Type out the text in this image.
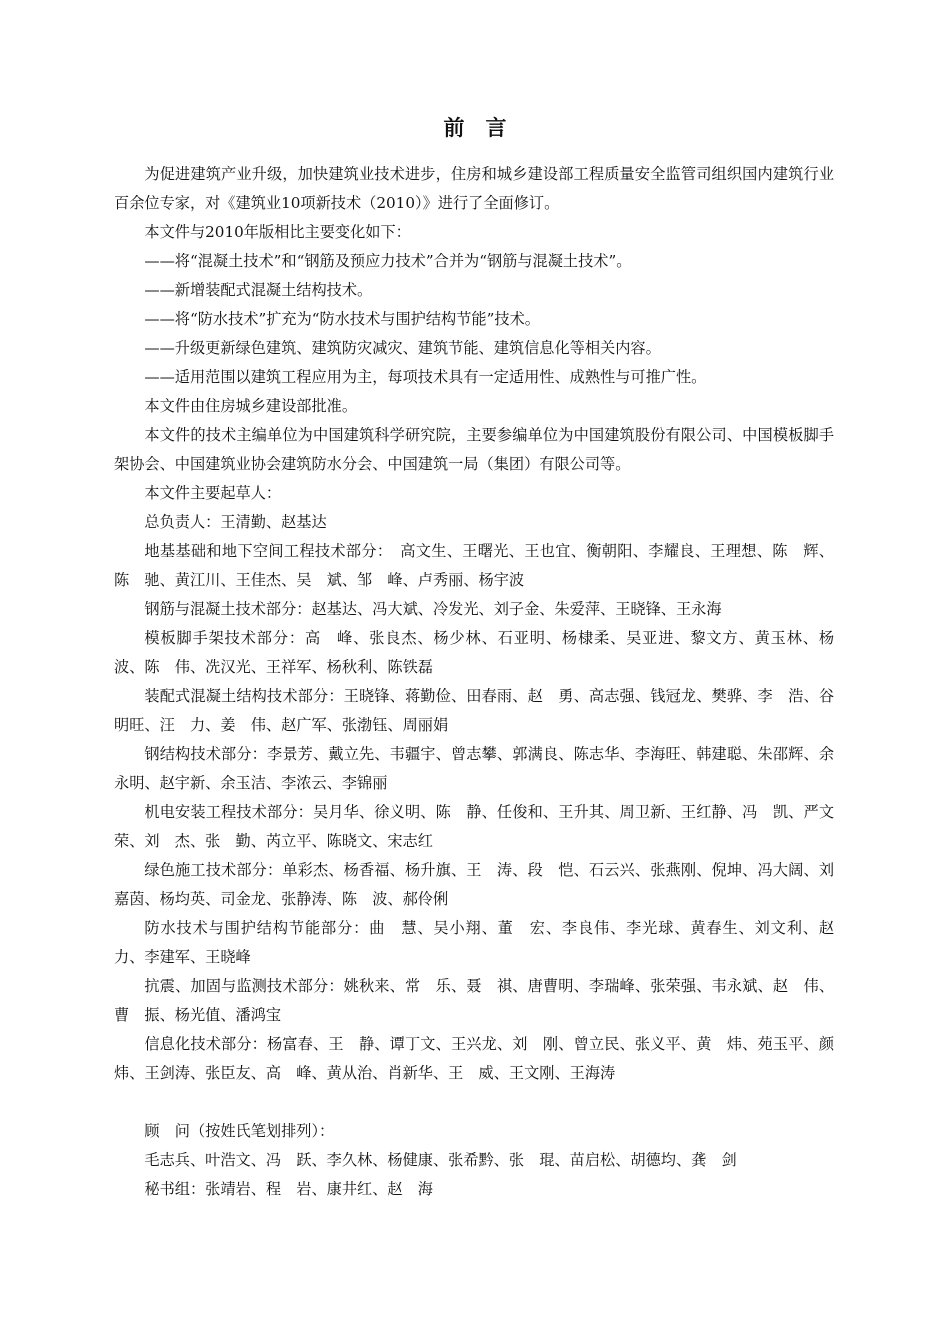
前　言

为促进建筑产业升级，加快建筑业技术进步，住房和城乡建设部工程质量安全监管司组织国内建筑行业百余位专家，对《建筑业10项新技术（2010）》进行了全面修订。

本文件与2010年版相比主要变化如下：

——将“混凝土技术”和“钢筋及预应力技术”合并为“钢筋与混凝土技术”。

——新增装配式混凝土结构技术。

——将“防水技术”扩充为“防水技术与围护结构节能”技术。

——升级更新绿色建筑、建筑防灾减灾、建筑节能、建筑信息化等相关内容。

——适用范围以建筑工程应用为主，每项技术具有一定适用性、成熟性与可推广性。

本文件由住房城乡建设部批准。

本文件的技术主编单位为中国建筑科学研究院，主要参编单位为中国建筑股份有限公司、中国模板脚手架协会、中国建筑业协会建筑防水分会、中国建筑一局（集团）有限公司等。

本文件主要起草人：

总负责人：王清勤、赵基达

地基基础和地下空间工程技术部分：　高文生、王曙光、王也宜、衡朝阳、李耀良、王理想、陈　辉、陈　驰、黄江川、王佳杰、吴　斌、邹　峰、卢秀丽、杨宇波

钢筋与混凝土技术部分：赵基达、冯大斌、冷发光、刘子金、朱爱萍、王晓锋、王永海

模板脚手架技术部分：高　峰、张良杰、杨少林、石亚明、杨棣柔、吴亚进、黎文方、黄玉林、杨　波、陈　伟、冼汉光、王祥军、杨秋利、陈铁磊

装配式混凝土结构技术部分：王晓锋、蒋勤俭、田春雨、赵　勇、高志强、钱冠龙、樊骅、李　浩、谷明旺、汪　力、姜　伟、赵广军、张渤钰、周丽娟

钢结构技术部分：李景芳、戴立先、韦疆宇、曾志攀、郭满良、陈志华、李海旺、韩建聪、朱邵辉、余永明、赵宇新、余玉洁、李浓云、李锦丽

机电安装工程技术部分：吴月华、徐义明、陈　静、任俊和、王升其、周卫新、王红静、冯　凯、严文荣、刘　杰、张　勤、芮立平、陈晓文、宋志红

绿色施工技术部分：单彩杰、杨香福、杨升旗、王　涛、段　恺、石云兴、张燕刚、倪坤、冯大阔、刘嘉茵、杨均英、司金龙、张静涛、陈　波、郝伶俐

防水技术与围护结构节能部分：曲　慧、吴小翔、董　宏、李良伟、李光球、黄春生、刘文利、赵　力、李建军、王晓峰

抗震、加固与监测技术部分：姚秋来、常　乐、聂　祺、唐曹明、李瑞峰、张荣强、韦永斌、赵　伟、曹　振、杨光值、潘鸿宝

信息化技术部分：杨富春、王　静、谭丁文、王兴龙、刘　刚、曾立民、张义平、黄　炜、苑玉平、颜　炜、王剑涛、张臣友、高　峰、黄从治、肖新华、王　威、王文刚、王海涛

顾　问（按姓氏笔划排列）：

毛志兵、叶浩文、冯　跃、李久林、杨健康、张希黔、张　琨、苗启松、胡德均、龚　剑

秘书组：张靖岩、程　岩、康井红、赵　海
